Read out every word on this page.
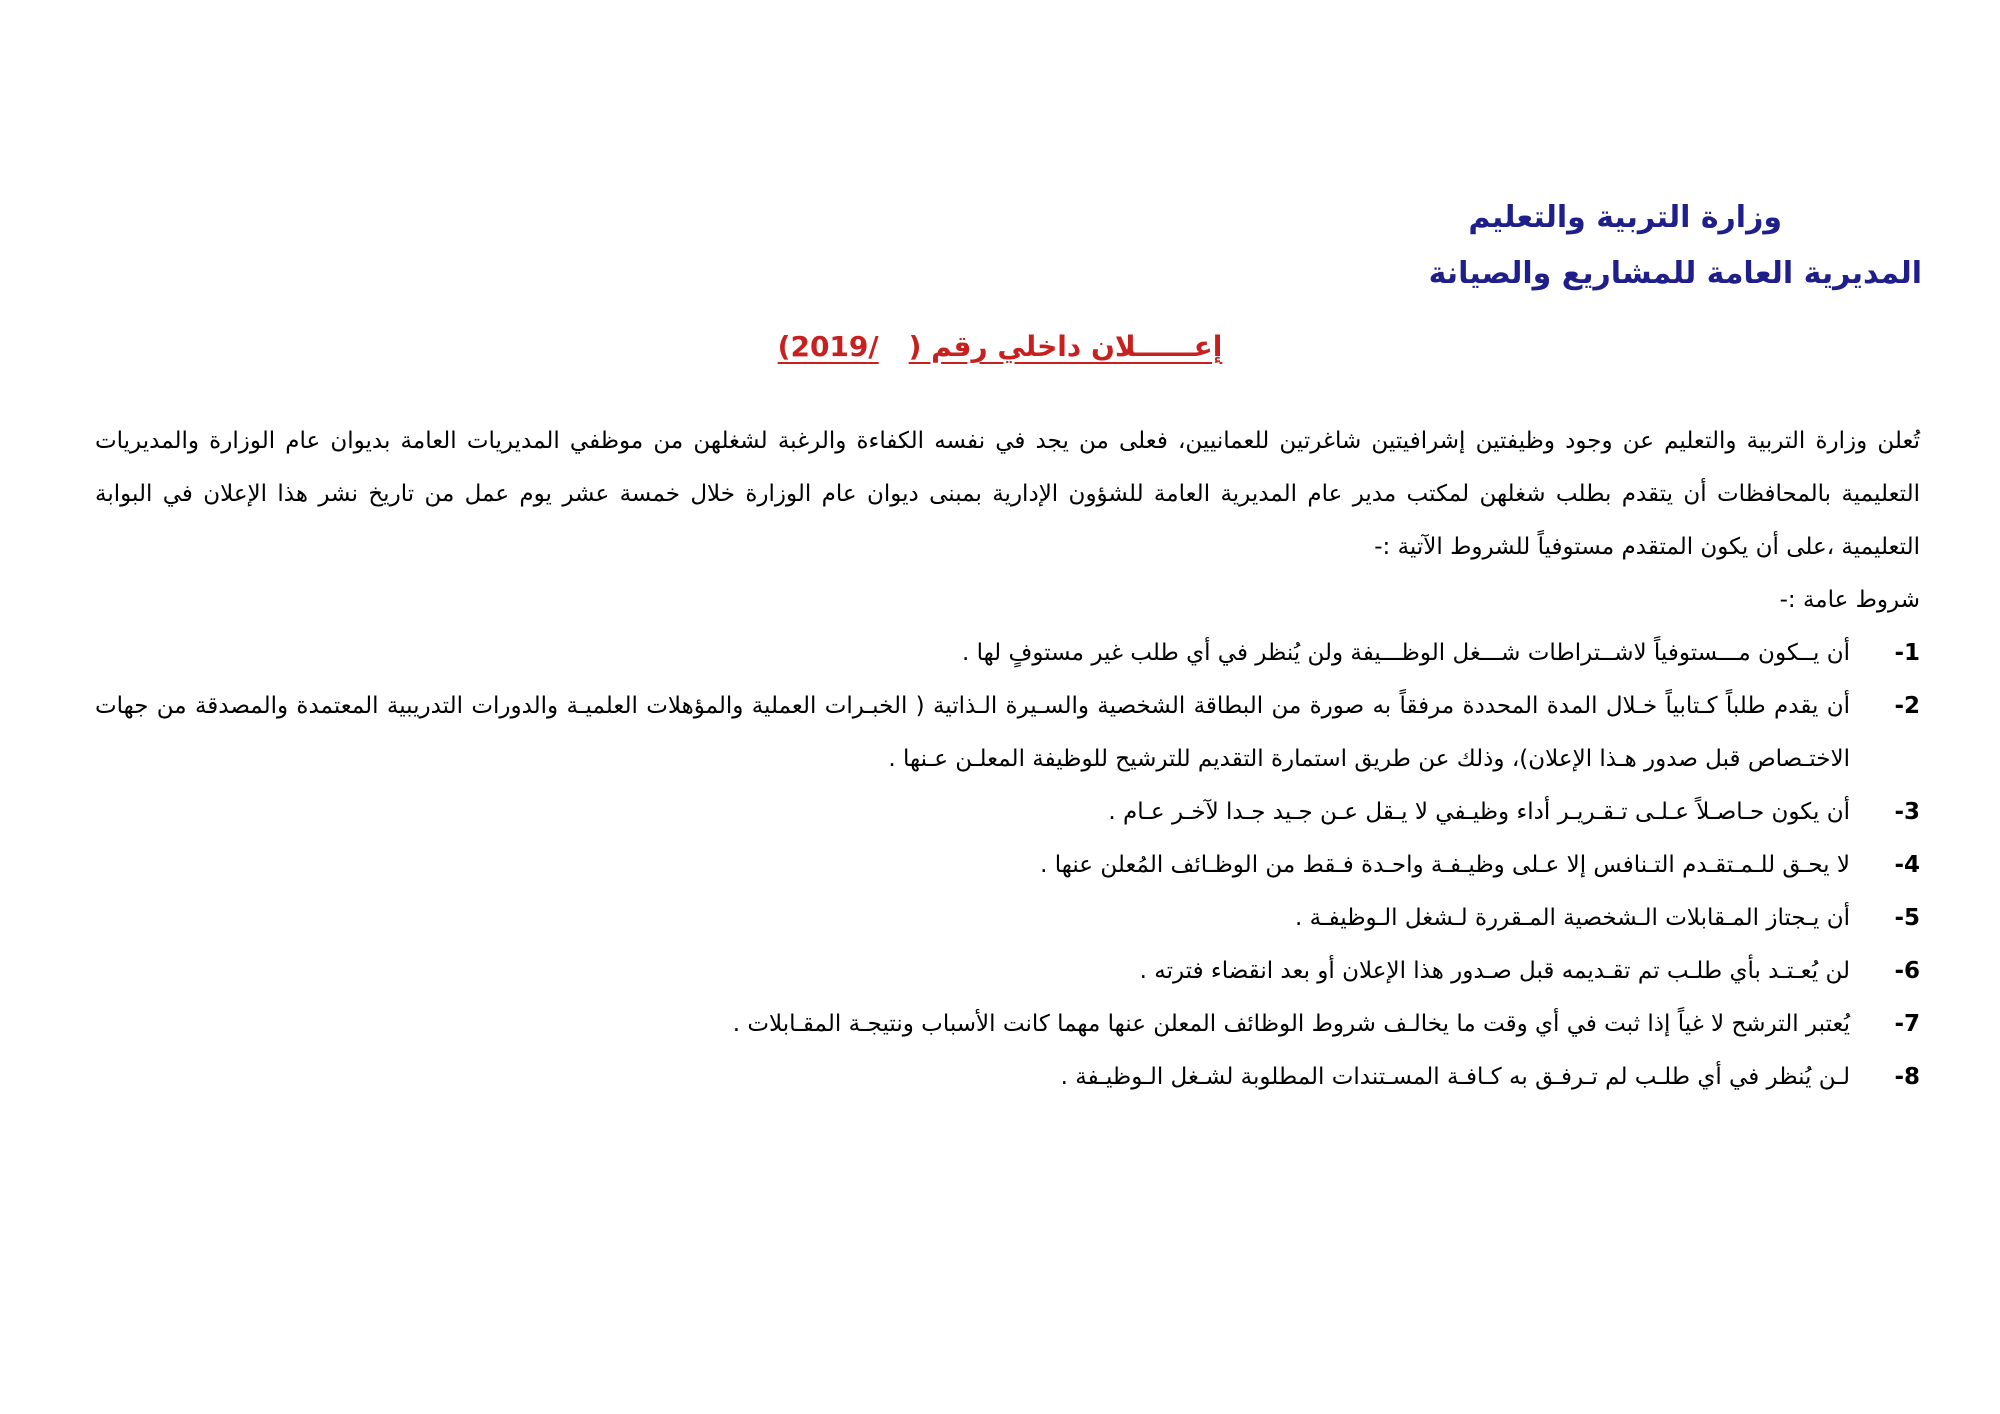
وزارة التربية والتعليم
المديرية العامة للمشاريع والصيانة
إعــــــلان داخلي رقم (/2019)

تُعلن وزارة التربية والتعليم عن وجود وظيفتين إشرافيتين شاغرتين للعمانيين، فعلى من يجد في نفسه الكفاءة والرغبة لشغلهن من موظفي المديريات العامة بديوان عام الوزارة والمديريات التعليمية بالمحافظات أن يتقدم بطلب شغلهن لمكتب مدير عام المديرية العامة للشؤون الإدارية بمبنى ديوان عام الوزارة خلال خمسة عشر يوم عمل من تاريخ نشر هذا الإعلان في البوابة التعليمية ،على أن يكون المتقدم مستوفياً للشروط الآتية :-

شروط عامة :-

-1
أن يــكون مـــستوفياً لاشــتراطات شـــغل الوظـــيفة ولن يُنظر في أي طلب غير مستوفٍ لها .
-2
أن يقدم طلباً كـتابياً خـلال المدة المحددة مرفقاً به صورة من البطاقة الشخصية والسـيرة الـذاتية ( الخبـرات العملية والمؤهلات العلميـة والدورات التدريبية المعتمدة والمصدقة من جهات الاختـصاص قبل صدور هـذا الإعلان)، وذلك عن طريق استمارة التقديم للترشيح للوظيفة المعلـن عـنها .
-3
أن يكون حـاصـلاً عـلـى تـقـريـر أداء وظيـفي لا يـقل عـن جـيد جـدا لآخـر عـام .
-4
لا يحـق للـمـتقـدم التـنافس إلا عـلى وظيـفـة واحـدة فـقط من الوظـائف المُعلن عنها .
-5
أن يـجتاز المـقابلات الـشخصية المـقررة لـشغل الـوظيفـة .
-6
لن يُعـتـد بأي طلـب تم تقـديمه قبل صـدور هذا الإعلان أو بعد انقضاء فترته .
-7
يُعتبر الترشح لا غياً إذا ثبت في أي وقت ما يخالـف شروط الوظائف المعلن عنها مهما كانت الأسباب ونتيجـة المقـابلات .
-8
لـن يُنظر في أي طلـب لم تـرفـق به كـافـة المسـتندات المطلوبة لشـغل الـوظيـفة .
